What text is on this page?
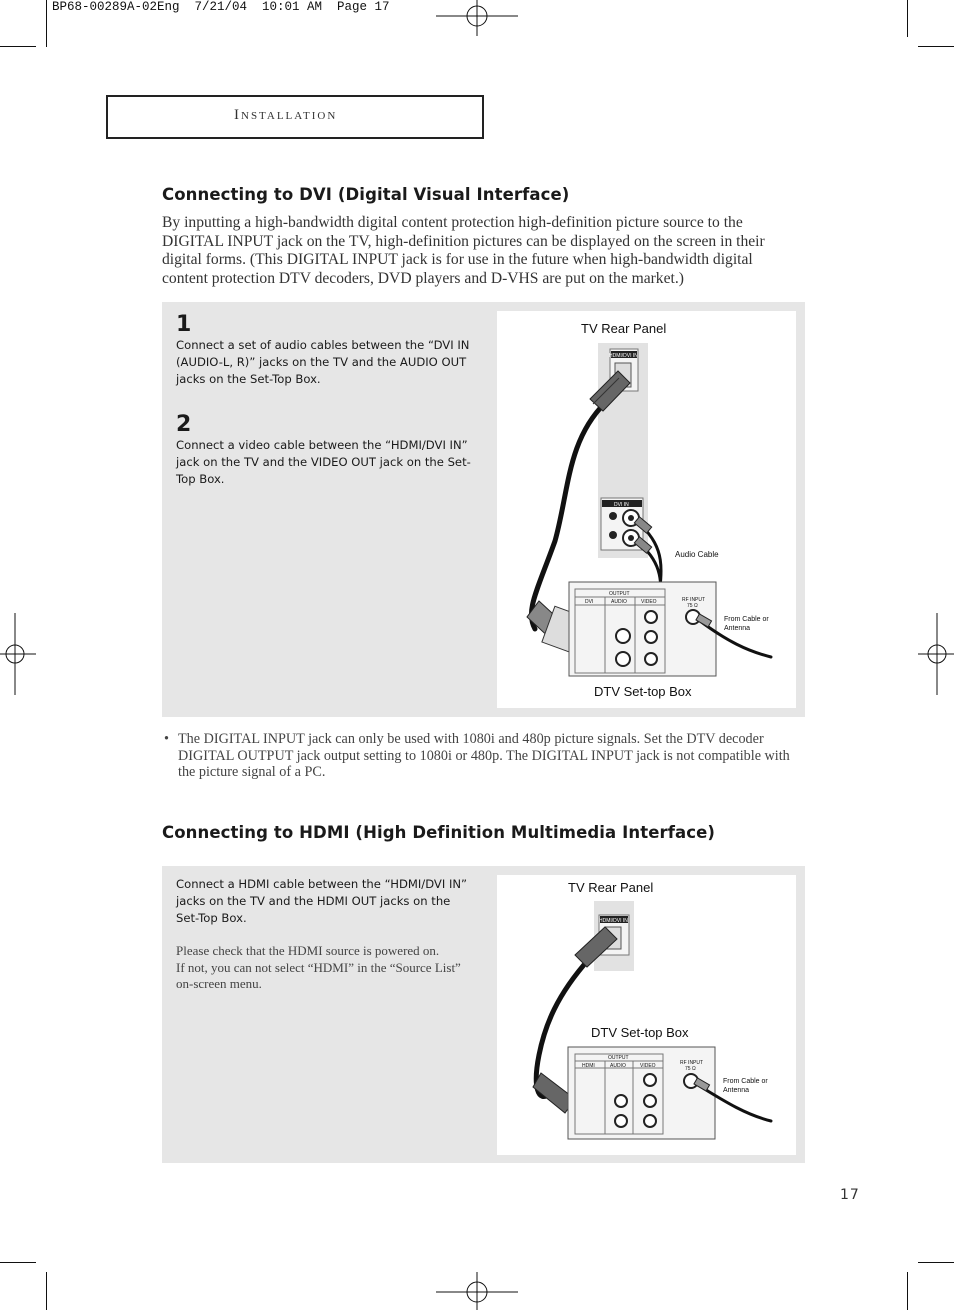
BP68-00289A-02Eng  7/21/04  10:01 AM  Page 17
Installation
Connecting to DVI (Digital Visual Interface)

By inputting a high-bandwidth digital content protection high-definition picture source to the DIGITAL INPUT jack on the TV, high-definition pictures can be displayed on the screen in their digital forms. (This DIGITAL INPUT jack is for use in the future when high-bandwidth digital content protection DTV decoders, DVD players and D-VHS are put on the market.)

1

Connect a set of audio cables between the “DVI IN (AUDIO-L, R)” jacks on the TV and the AUDIO OUT jacks on the Set-Top Box.

2

Connect a video cable between the “HDMI/DVI IN” jack on the TV and the VIDEO OUT jack on the Set-Top Box.

TV Rear Panel
HDMI/DVI IN
DVI IN
Audio Cable
OUTPUT
DVI	AUDIO	VIDEO	RF INPUT
75 Ω
From Cable or
Antenna
DTV Set-top Box
• The DIGITAL INPUT jack can only be used with 1080i and 480p picture signals. Set the DTV decoder DIGITAL OUTPUT jack output setting to 1080i or 480p. The DIGITAL INPUT jack is not compatible with the picture signal of a PC.

Connecting to HDMI (High Definition Multimedia Interface)

Connect a HDMI cable between the “HDMI/DVI IN” jacks on the TV and the HDMI OUT jacks on the Set-Top Box.

Please check that the HDMI source is powered on.

If not, you can not select “HDMI” in the “Source List” on-screen menu.

TV Rear Panel
HDMI/DVI IN
DTV Set-top Box
OUTPUT
HDMI	AUDIO	VIDEO	RF INPUT
75 Ω
From Cable or
Antenna
17
